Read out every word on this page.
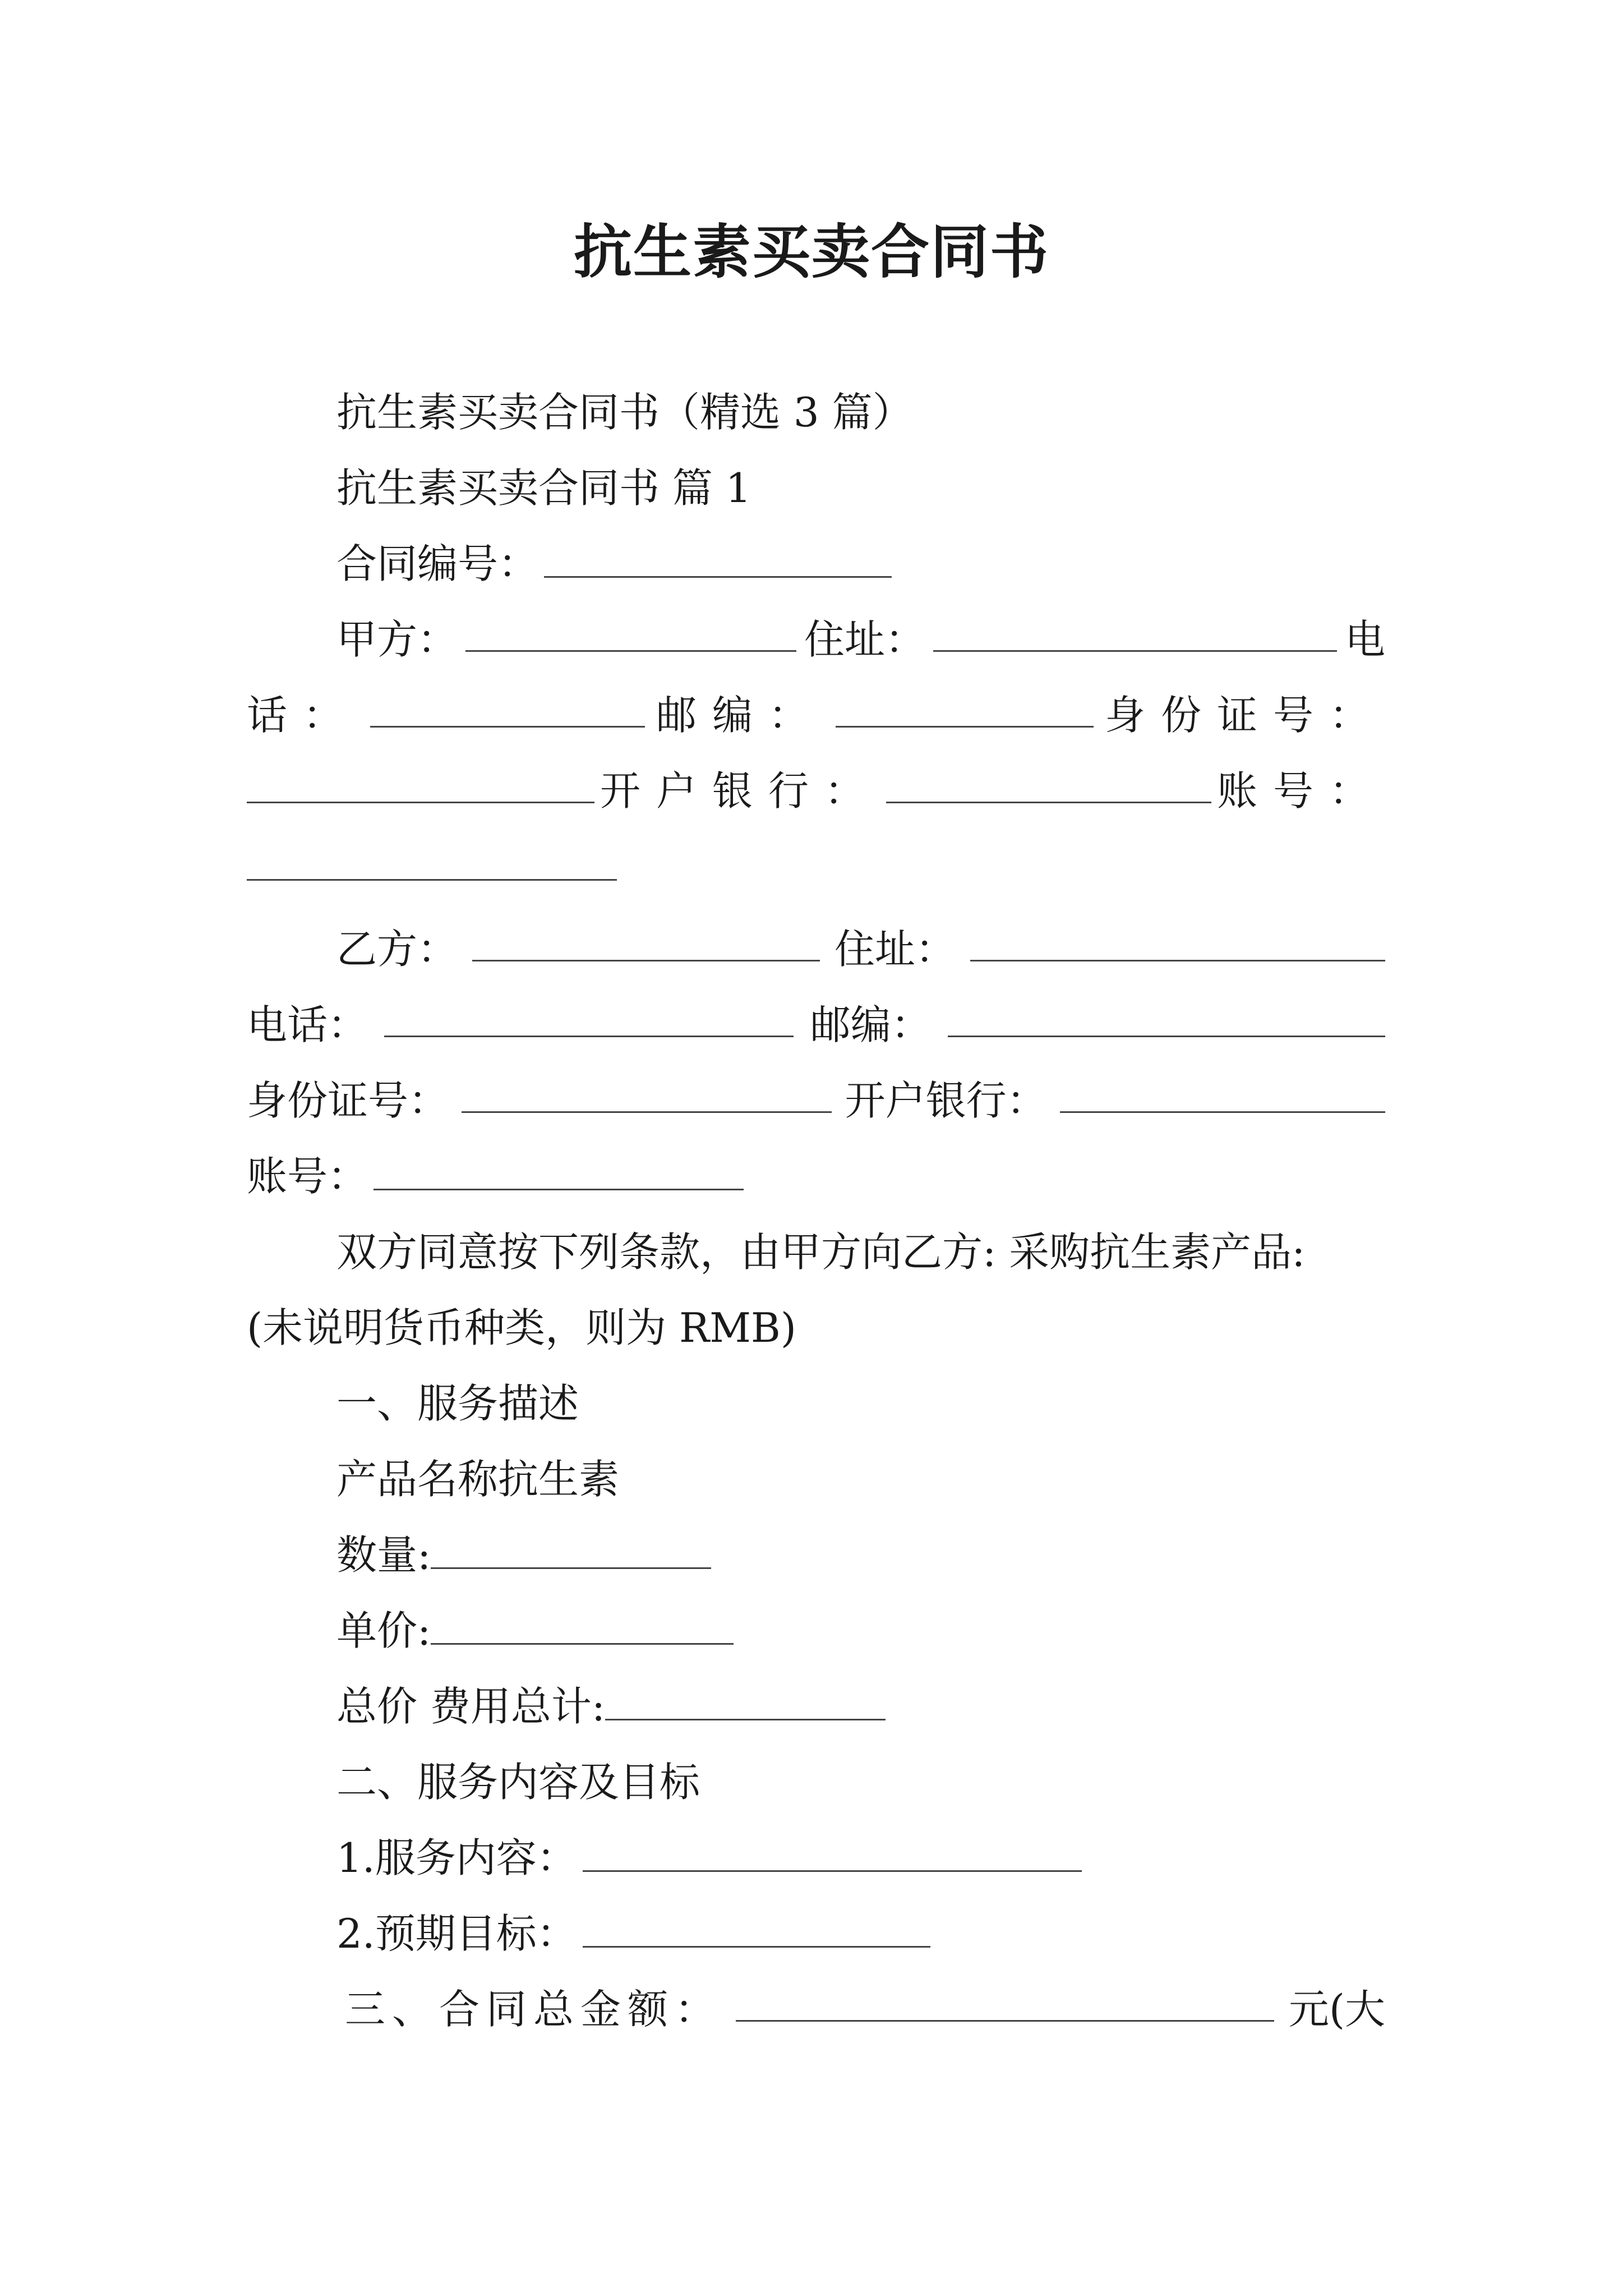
抗生素买卖合同书
抗生素买卖合同书（精选 3 篇）
抗生素买卖合同书 篇 1
合同编号：
甲方：	住址：	电
话：	邮编：	身份证号：
开户银行：	账号：
乙方：	住址：
电话：	邮编：
身份证号：	开户银行：
账号：
双方同意按下列条款，由甲方向乙方: 采购抗生素产品:
(未说明货币种类，则为 RMB)
一、服务描述
产品名称抗生素
数量:
单价:
总价 费用总计:
二、服务内容及目标
1.服务内容：
2.预期目标：
三、合同总金额：	元(大
